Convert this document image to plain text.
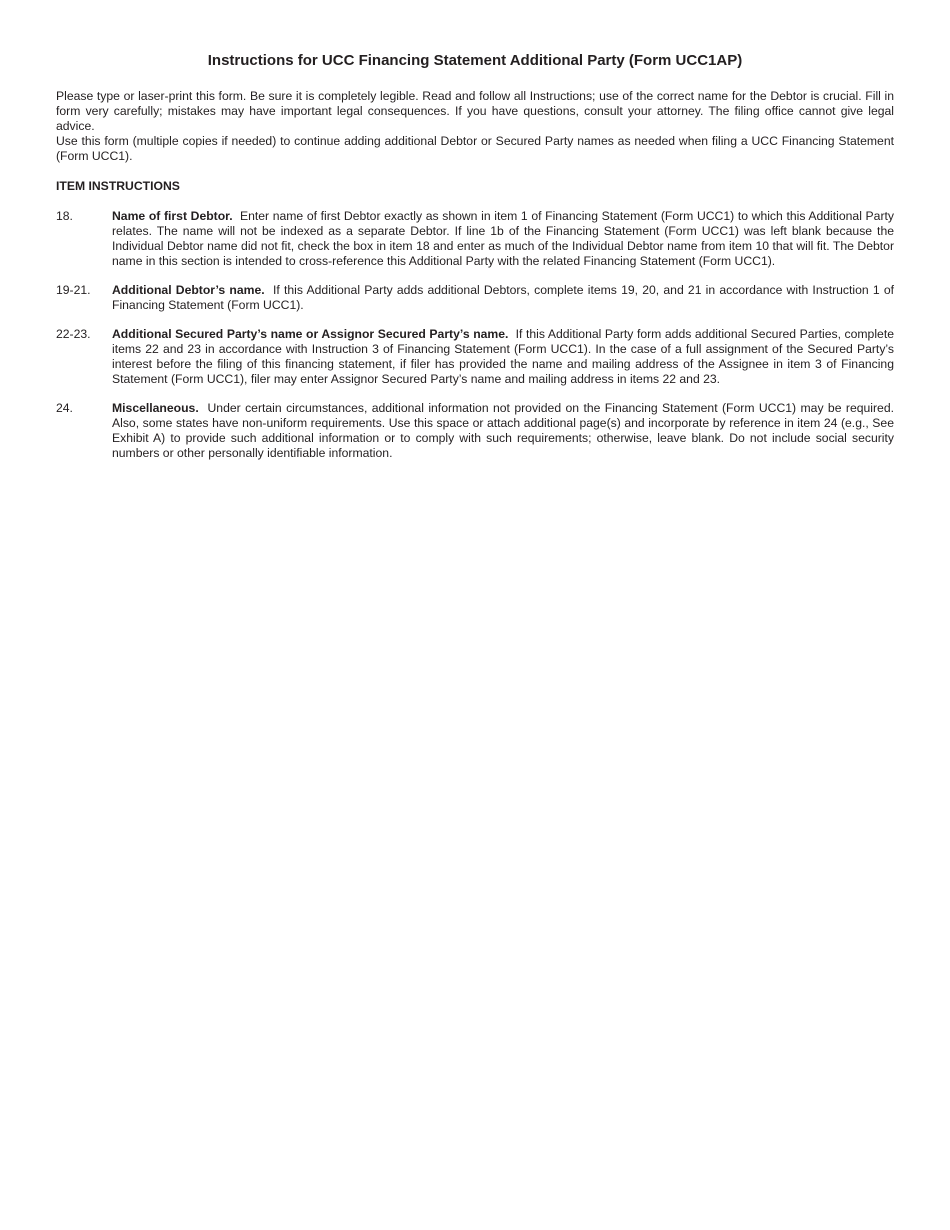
Instructions for UCC Financing Statement Additional Party (Form UCC1AP)

Please type or laser-print this form. Be sure it is completely legible. Read and follow all Instructions; use of the correct name for the Debtor is crucial. Fill in form very carefully; mistakes may have important legal consequences. If you have questions, consult your attorney. The filing office cannot give legal advice.

Use this form (multiple copies if needed) to continue adding additional Debtor or Secured Party names as needed when filing a UCC Financing Statement (Form UCC1).

ITEM INSTRUCTIONS
18.	Name of first Debtor. Enter name of first Debtor exactly as shown in item 1 of Financing Statement (Form UCC1) to which this Additional Party relates. The name will not be indexed as a separate Debtor. If line 1b of the Financing Statement (Form UCC1) was left blank because the Individual Debtor name did not fit, check the box in item 18 and enter as much of the Individual Debtor name from item 10 that will fit. The Debtor name in this section is intended to cross-reference this Additional Party with the related Financing Statement (Form UCC1).
19-21.	Additional Debtor’s name. If this Additional Party adds additional Debtors, complete items 19, 20, and 21 in accordance with Instruction 1 of Financing Statement (Form UCC1).
22-23.	Additional Secured Party’s name or Assignor Secured Party’s name. If this Additional Party form adds additional Secured Parties, complete items 22 and 23 in accordance with Instruction 3 of Financing Statement (Form UCC1). In the case of a full assignment of the Secured Party’s interest before the filing of this financing statement, if filer has provided the name and mailing address of the Assignee in item 3 of Financing Statement (Form UCC1), filer may enter Assignor Secured Party’s name and mailing address in items 22 and 23.
24.	Miscellaneous. Under certain circumstances, additional information not provided on the Financing Statement (Form UCC1) may be required. Also, some states have non-uniform requirements. Use this space or attach additional page(s) and incorporate by reference in item 24 (e.g., See Exhibit A) to provide such additional information or to comply with such requirements; otherwise, leave blank. Do not include social security numbers or other personally identifiable information.
